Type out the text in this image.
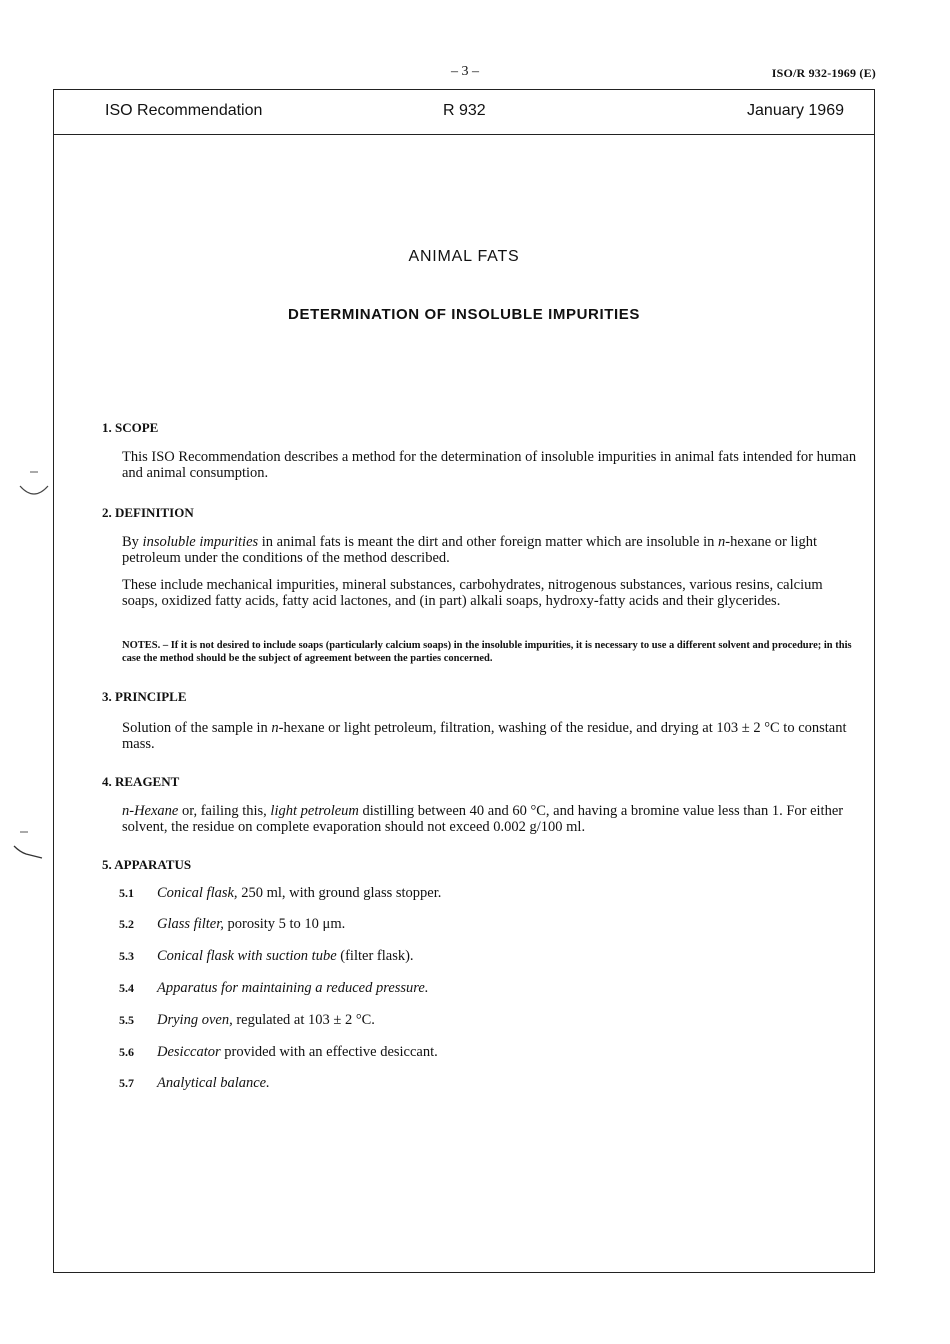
– 3 –	ISO/R 932-1969 (E)
ISO Recommendation	R 932	January 1969
ANIMAL FATS
DETERMINATION OF INSOLUBLE IMPURITIES
1. SCOPE
This ISO Recommendation describes a method for the determination of insoluble impurities in animal fats intended for human and animal consumption.
2. DEFINITION
By insoluble impurities in animal fats is meant the dirt and other foreign matter which are insoluble in n-hexane or light petroleum under the conditions of the method described.
These include mechanical impurities, mineral substances, carbohydrates, nitrogenous substances, various resins, calcium soaps, oxidized fatty acids, fatty acid lactones, and (in part) alkali soaps, hydroxy-fatty acids and their glycerides.
NOTES. – If it is not desired to include soaps (particularly calcium soaps) in the insoluble impurities, it is necessary to use a different solvent and procedure; in this case the method should be the subject of agreement between the parties concerned.
3. PRINCIPLE
Solution of the sample in n-hexane or light petroleum, filtration, washing of the residue, and drying at 103 ± 2 °C to constant mass.
4. REAGENT
n-Hexane or, failing this, light petroleum distilling between 40 and 60 °C, and having a bromine value less than 1. For either solvent, the residue on complete evaporation should not exceed 0.002 g/100 ml.
5. APPARATUS
5.1 Conical flask, 250 ml, with ground glass stopper.
5.2 Glass filter, porosity 5 to 10 μm.
5.3 Conical flask with suction tube (filter flask).
5.4 Apparatus for maintaining a reduced pressure.
5.5 Drying oven, regulated at 103 ± 2 °C.
5.6 Desiccator provided with an effective desiccant.
5.7 Analytical balance.
